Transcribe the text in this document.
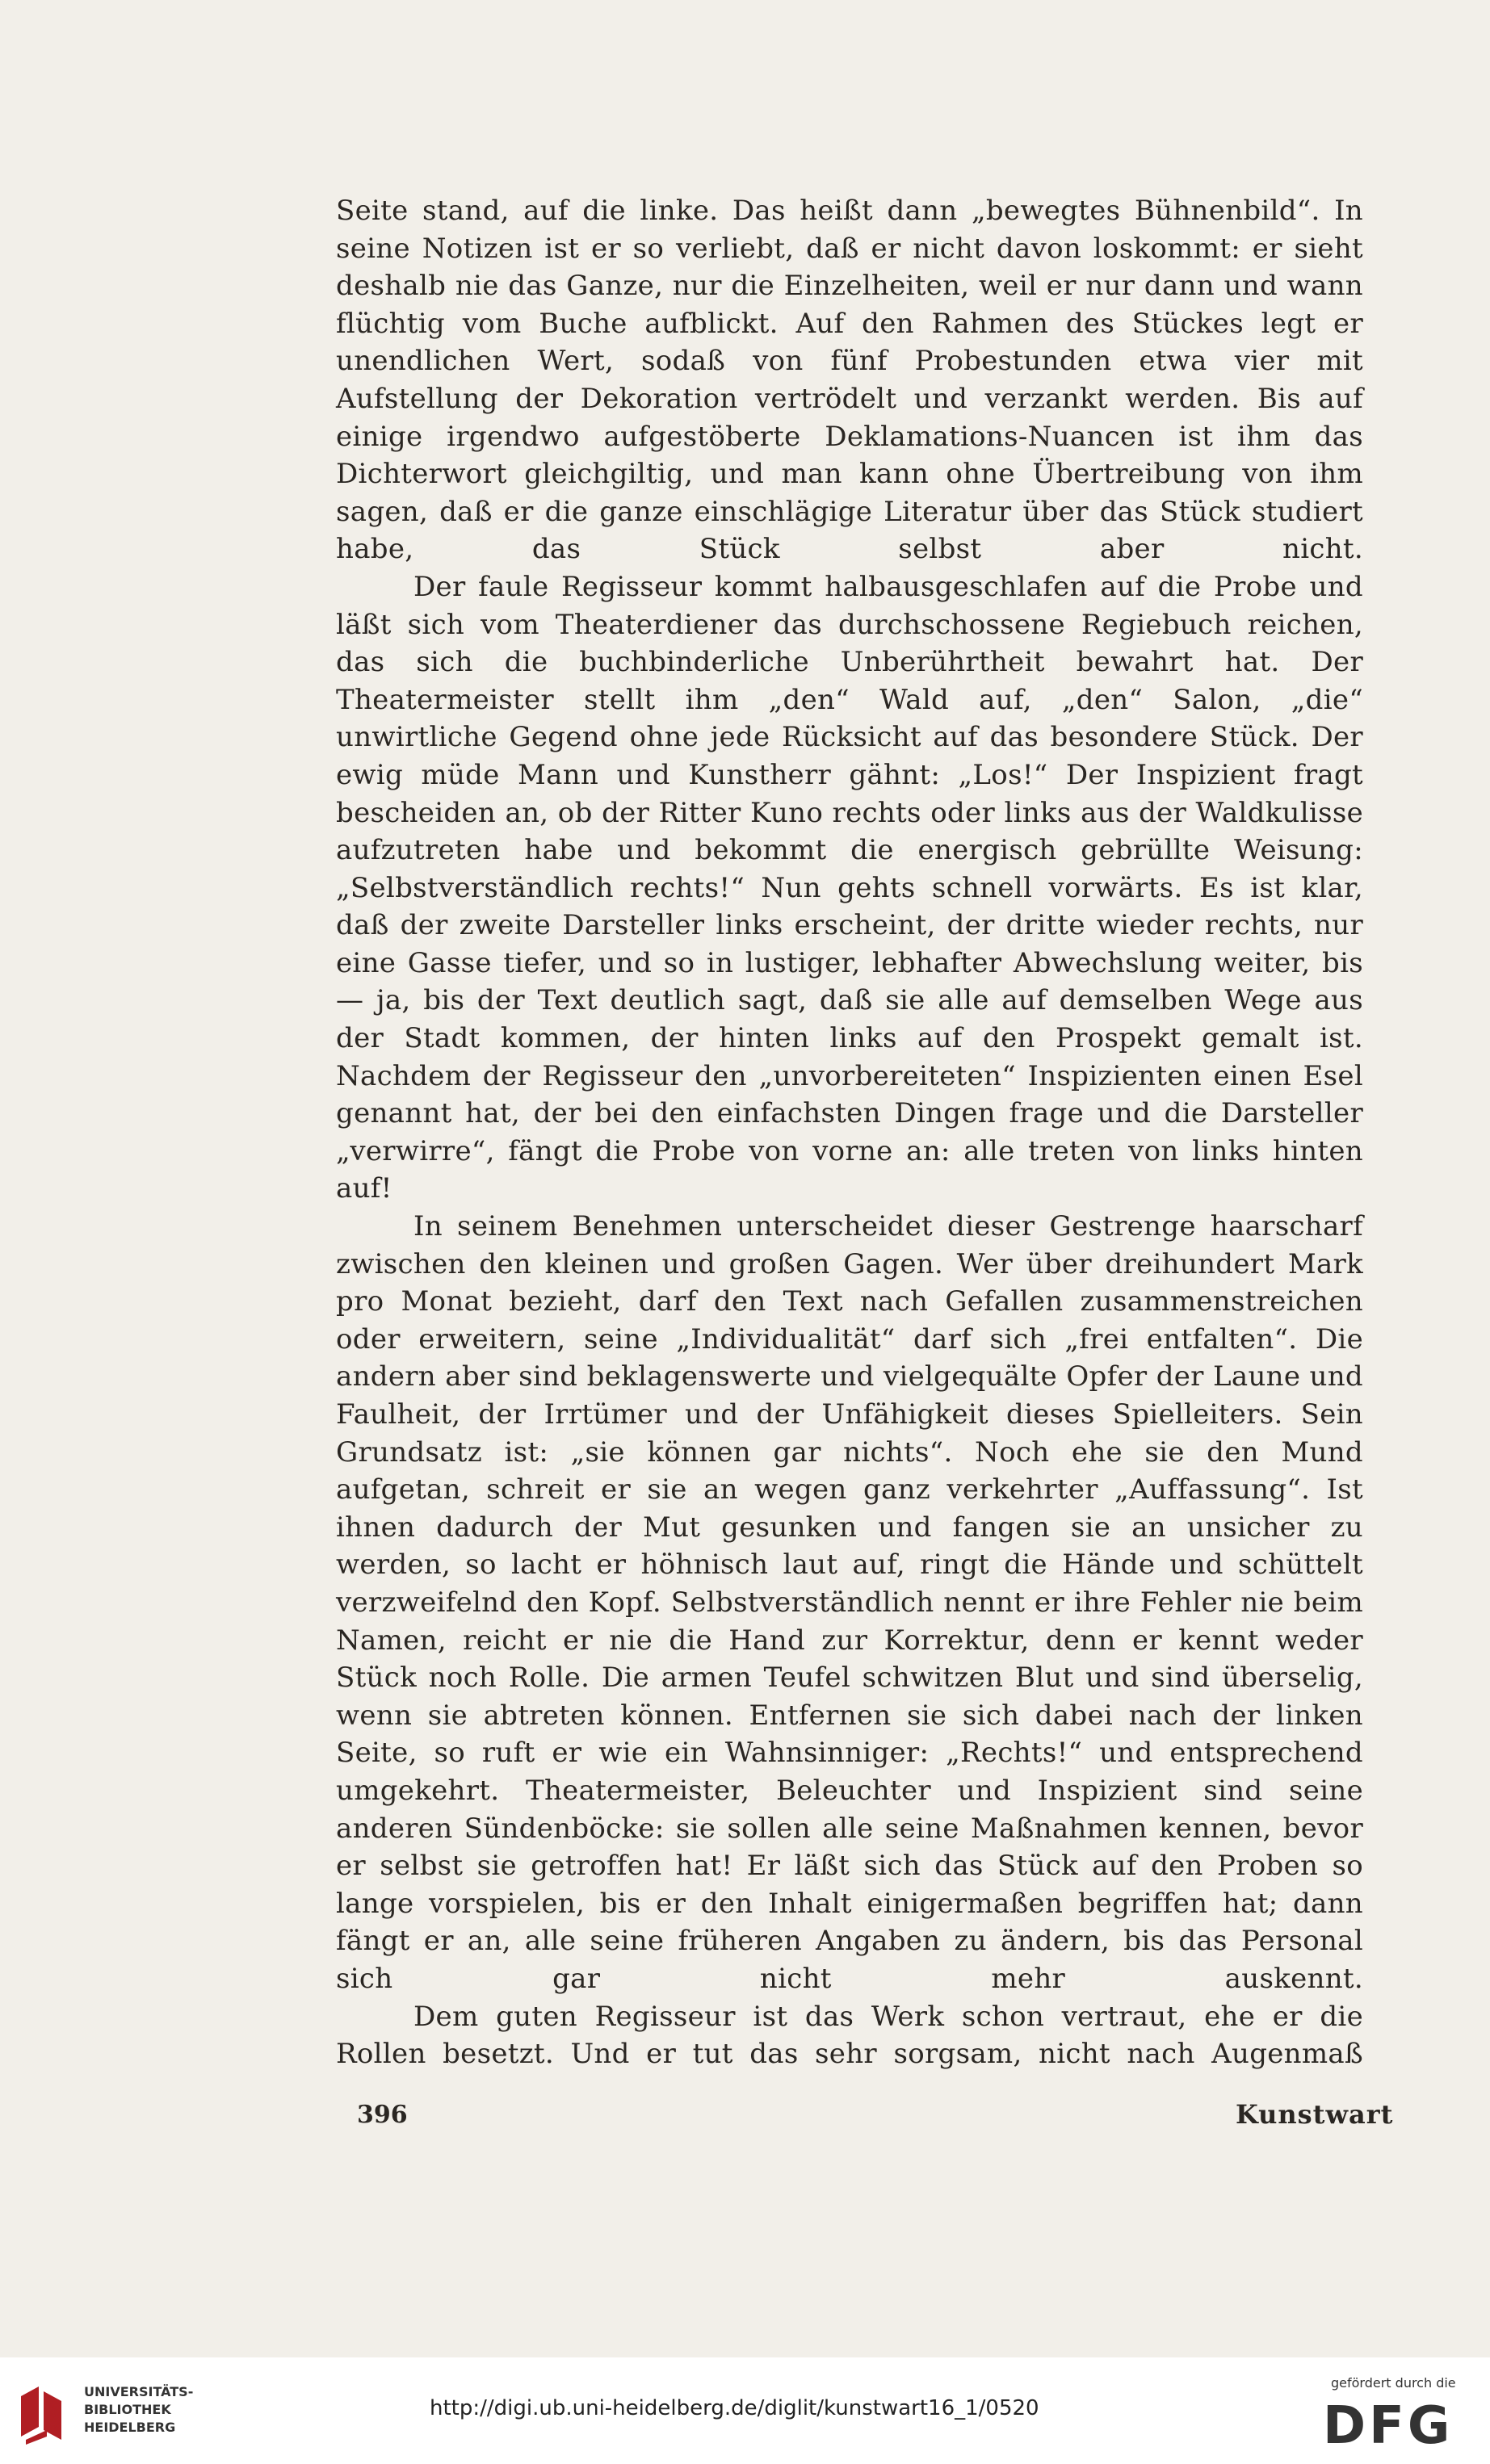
Seite stand, auf die linke. Das heißt dann „bewegtes Bühnenbild“. In seine Notizen ist er so verliebt, daß er nicht davon loskommt: er sieht deshalb nie das Ganze, nur die Einzelheiten, weil er nur dann und wann flüchtig vom Buche aufblickt. Auf den Rahmen des Stückes legt er unendlichen Wert, sodaß von fünf Probestunden etwa vier mit Aufstellung der Dekoration vertrödelt und verzankt werden. Bis auf einige irgendwo aufgestöberte Deklamations-Nuancen ist ihm das Dichterwort gleichgiltig, und man kann ohne Übertreibung von ihm sagen, daß er die ganze einschlägige Literatur über das Stück studiert habe, das Stück selbst aber nicht.

Der faule Regisseur kommt halbausgeschlafen auf die Probe und läßt sich vom Theaterdiener das durchschossene Regiebuch reichen, das sich die buchbinderliche Unberührtheit bewahrt hat. Der Theatermeister stellt ihm „den“ Wald auf, „den“ Salon, „die“ unwirtliche Gegend ohne jede Rücksicht auf das besondere Stück. Der ewig müde Mann und Kunstherr gähnt: „Los!“ Der Inspizient fragt bescheiden an, ob der Ritter Kuno rechts oder links aus der Waldkulisse aufzutreten habe und bekommt die energisch gebrüllte Weisung: „Selbstverständlich rechts!“ Nun gehts schnell vorwärts. Es ist klar, daß der zweite Darsteller links erscheint, der dritte wieder rechts, nur eine Gasse tiefer, und so in lustiger, lebhafter Abwechslung weiter, bis — ja, bis der Text deutlich sagt, daß sie alle auf demselben Wege aus der Stadt kommen, der hinten links auf den Prospekt gemalt ist. Nachdem der Regisseur den „unvorbereiteten“ Inspizienten einen Esel genannt hat, der bei den einfachsten Dingen frage und die Darsteller „verwirre“, fängt die Probe von vorne an: alle treten von links hinten auf!

In seinem Benehmen unterscheidet dieser Gestrenge haarscharf zwischen den kleinen und großen Gagen. Wer über dreihundert Mark pro Monat bezieht, darf den Text nach Gefallen zusammenstreichen oder erweitern, seine „Individualität“ darf sich „frei entfalten“. Die andern aber sind beklagenswerte und vielgequälte Opfer der Laune und Faulheit, der Irrtümer und der Unfähigkeit dieses Spielleiters. Sein Grundsatz ist: „sie können gar nichts“. Noch ehe sie den Mund aufgetan, schreit er sie an wegen ganz verkehrter „Auffassung“. Ist ihnen dadurch der Mut gesunken und fangen sie an unsicher zu werden, so lacht er höhnisch laut auf, ringt die Hände und schüttelt verzweifelnd den Kopf. Selbstverständlich nennt er ihre Fehler nie beim Namen, reicht er nie die Hand zur Korrektur, denn er kennt weder Stück noch Rolle. Die armen Teufel schwitzen Blut und sind überselig, wenn sie abtreten können. Entfernen sie sich dabei nach der linken Seite, so ruft er wie ein Wahnsinniger: „Rechts!“ und entsprechend umgekehrt. Theatermeister, Beleuchter und Inspizient sind seine anderen Sündenböcke: sie sollen alle seine Maßnahmen kennen, bevor er selbst sie getroffen hat! Er läßt sich das Stück auf den Proben so lange vorspielen, bis er den Inhalt einigermaßen begriffen hat; dann fängt er an, alle seine früheren Angaben zu ändern, bis das Personal sich gar nicht mehr auskennt.

Dem guten Regisseur ist das Werk schon vertraut, ehe er die Rollen besetzt. Und er tut das sehr sorgsam, nicht nach Augenmaß

396	Kunstwart
UNIVERSITÄTS-
BIBLIOTHEK
HEIDELBERG
http://digi.ub.uni-heidelberg.de/diglit/kunstwart16_1/0520
gefördert durch die
DFG
